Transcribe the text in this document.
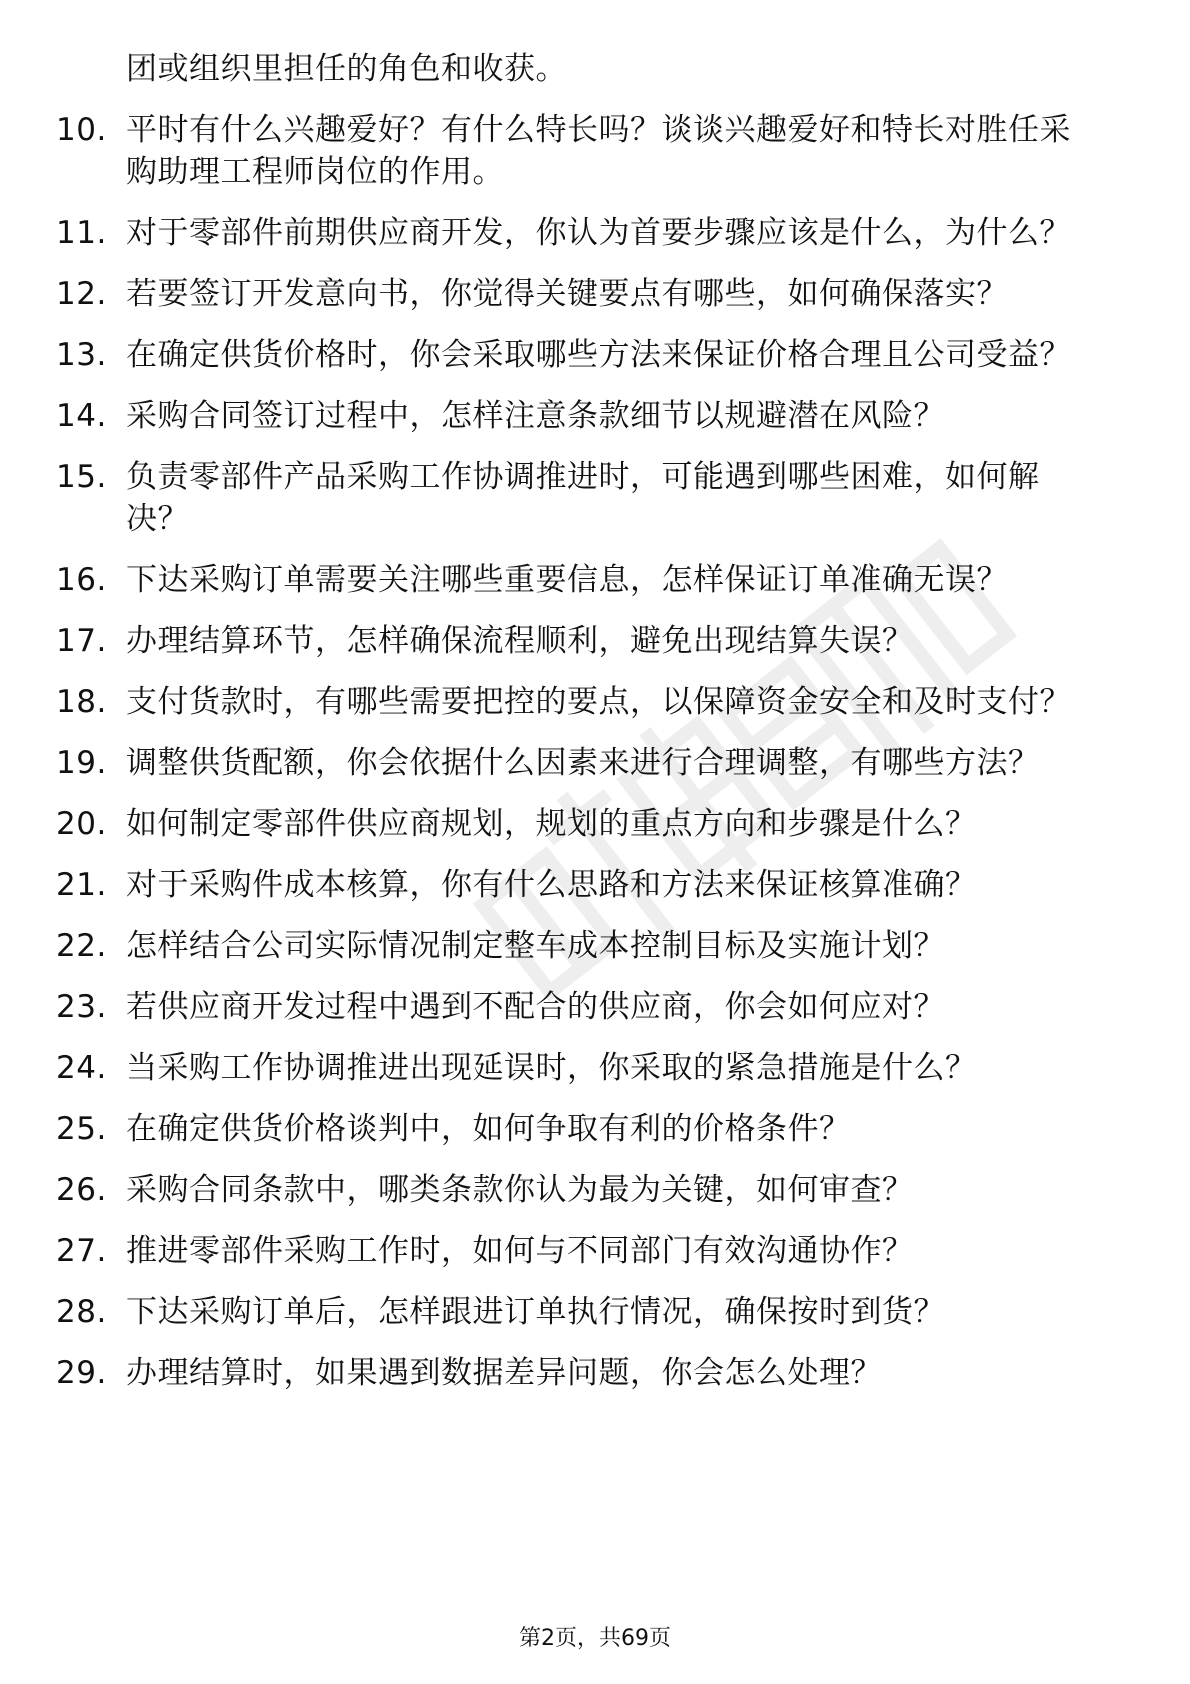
团或组织里担任的角色和收获。
10. 平时有什么兴趣爱好？有什么特长吗？谈谈兴趣爱好和特长对胜任采购助理工程师岗位的作用。
11. 对于零部件前期供应商开发，你认为首要步骤应该是什么，为什么？
12. 若要签订开发意向书，你觉得关键要点有哪些，如何确保落实？
13. 在确定供货价格时，你会采取哪些方法来保证价格合理且公司受益？
14. 采购合同签订过程中，怎样注意条款细节以规避潜在风险？
15. 负责零部件产品采购工作协调推进时，可能遇到哪些困难，如何解决？
16. 下达采购订单需要关注哪些重要信息，怎样保证订单准确无误？
17. 办理结算环节，怎样确保流程顺利，避免出现结算失误？
18. 支付货款时，有哪些需要把控的要点，以保障资金安全和及时支付？
19. 调整供货配额，你会依据什么因素来进行合理调整，有哪些方法？
20. 如何制定零部件供应商规划，规划的重点方向和步骤是什么？
21. 对于采购件成本核算，你有什么思路和方法来保证核算准确？
22. 怎样结合公司实际情况制定整车成本控制目标及实施计划？
23. 若供应商开发过程中遇到不配合的供应商，你会如何应对？
24. 当采购工作协调推进出现延误时，你采取的紧急措施是什么？
25. 在确定供货价格谈判中，如何争取有利的价格条件？
26. 采购合同条款中，哪类条款你认为最为关键，如何审查？
27. 推进零部件采购工作时，如何与不同部门有效沟通协作？
28. 下达采购订单后，怎样跟进订单执行情况，确保按时到货？
29. 办理结算时，如果遇到数据差异问题，你会怎么处理？
第2页，共69页
